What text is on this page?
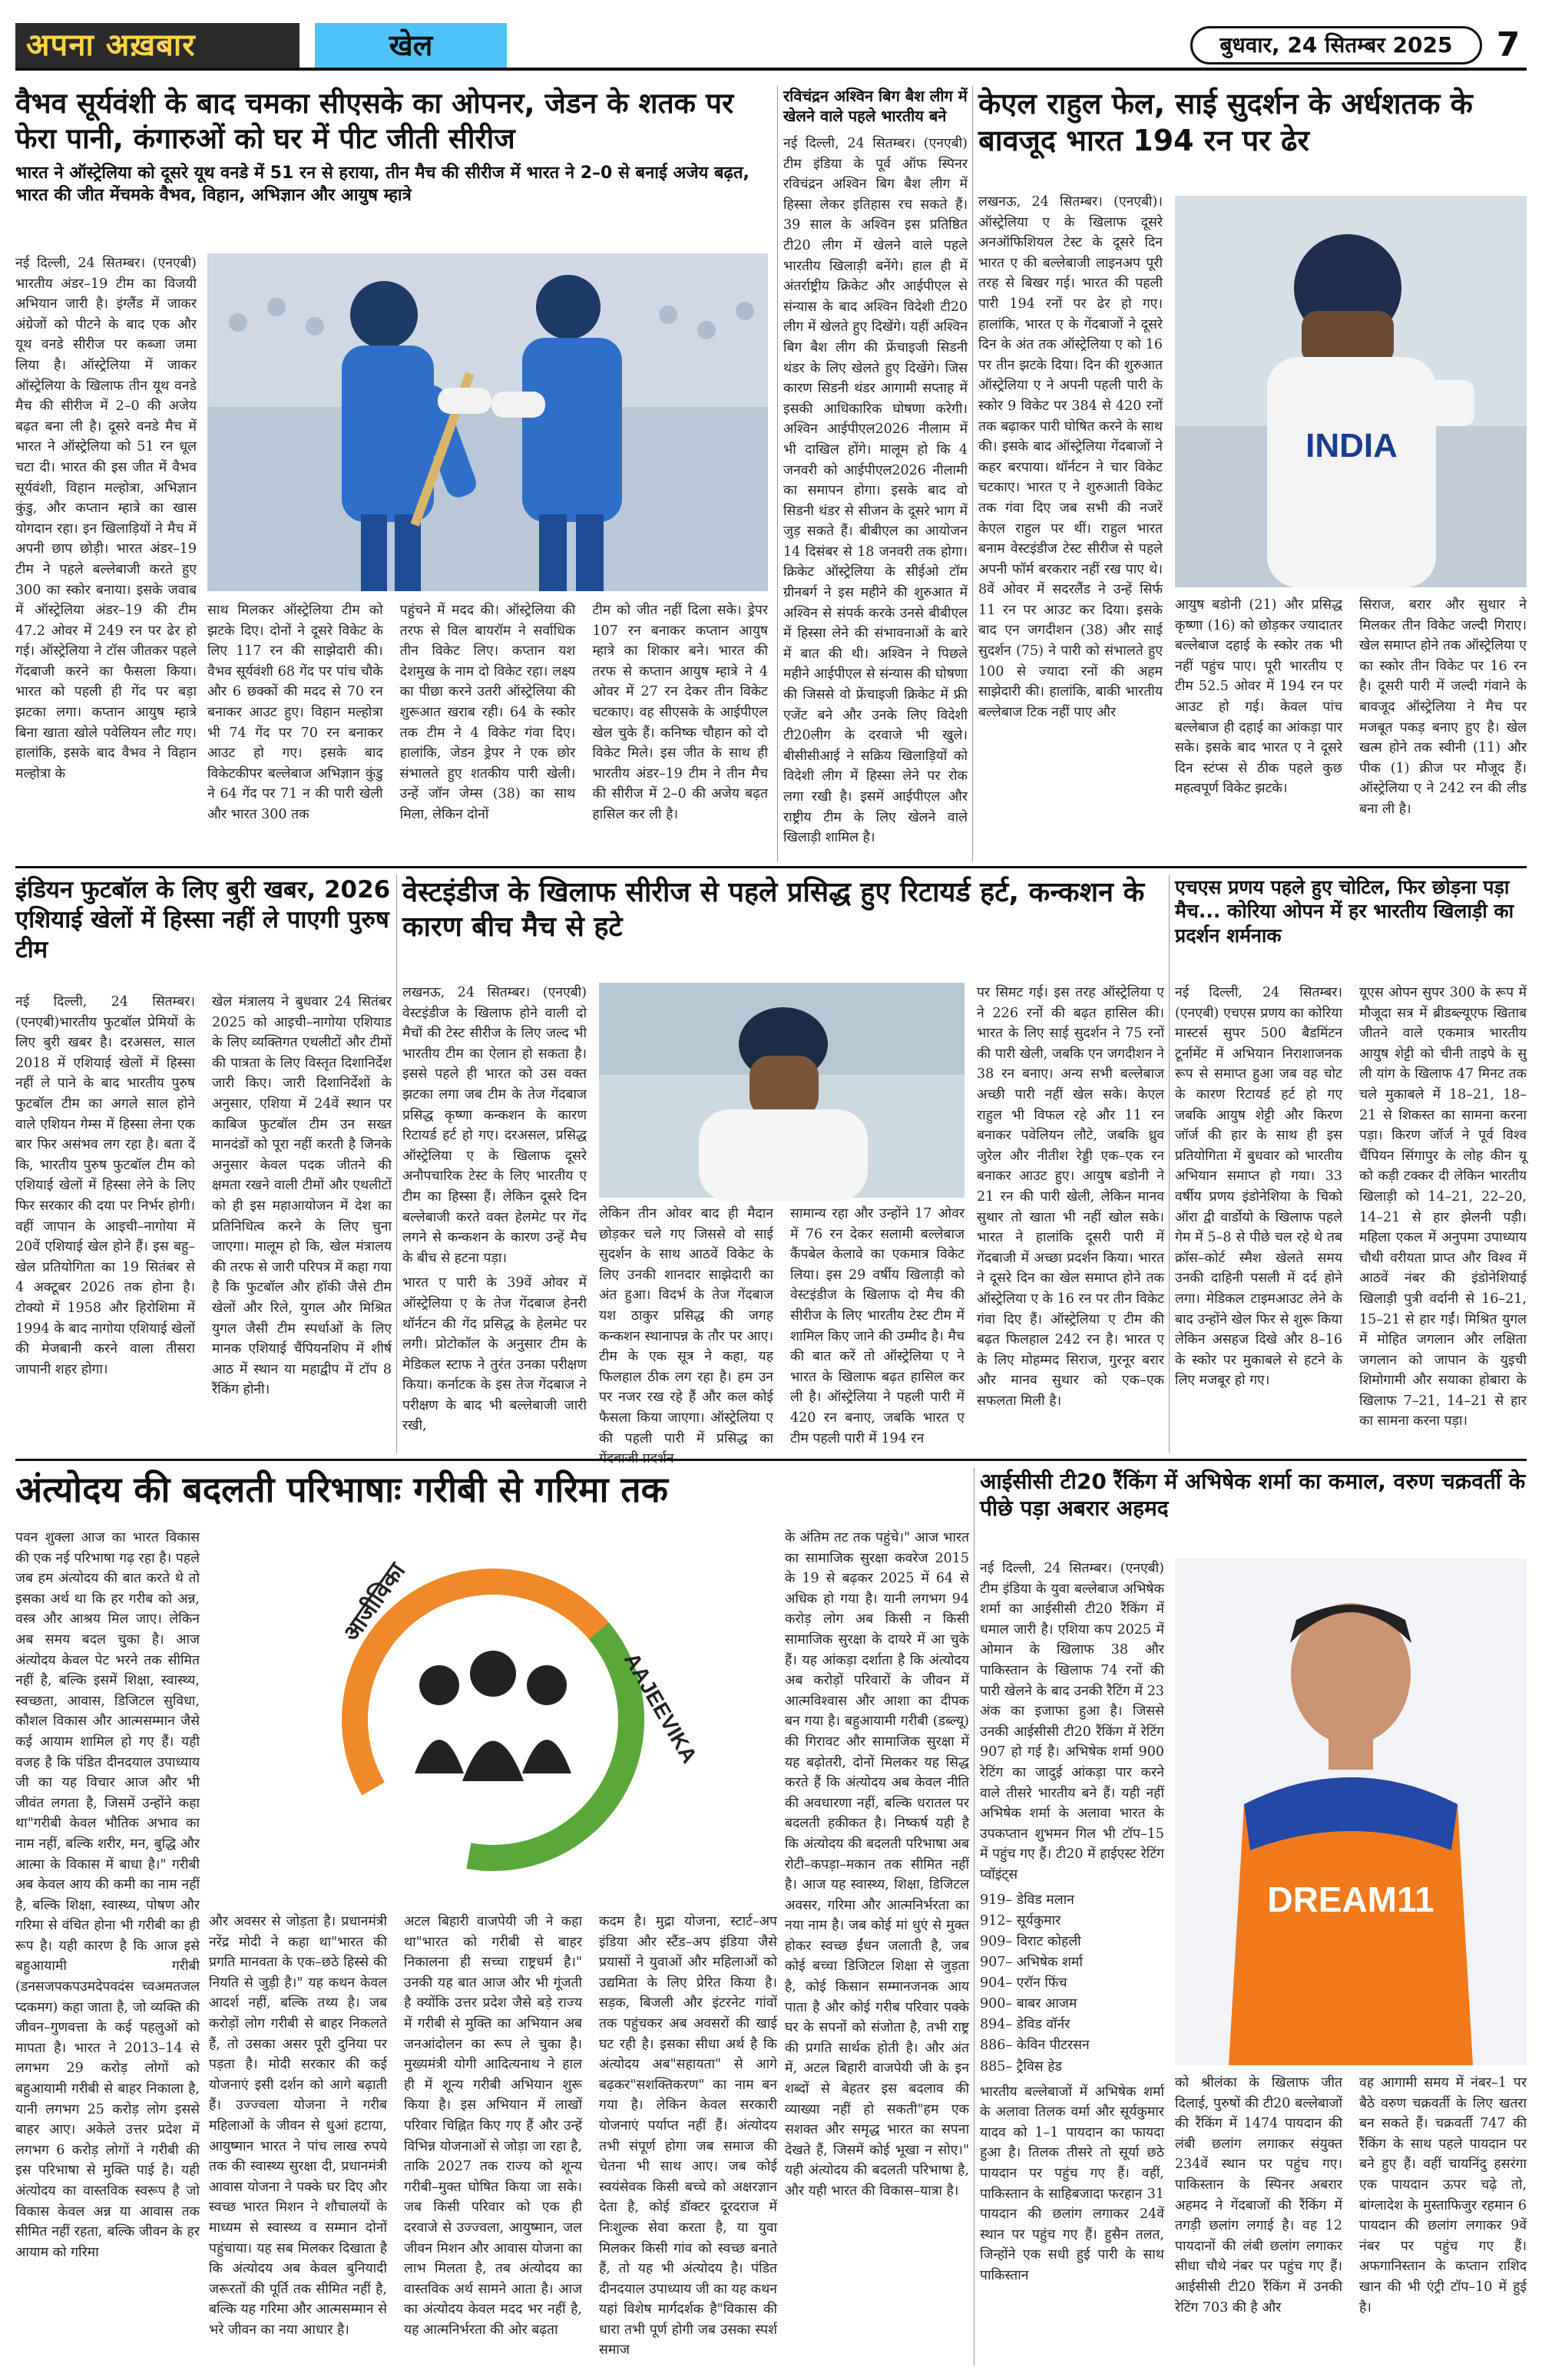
अपना अख़बार	खेल	बुधवार, 24 सितम्बर 2025	7
वैभव सूर्यवंशी के बाद चमका सीएसके का ओपनर, जेडन के शतक पर फेरा पानी, कंगारुओं को घर में पीट जीती सीरीज
भारत ने ऑस्ट्रेलिया को दूसरे यूथ वनडे में 51 रन से हराया, तीन मैच की सीरीज में भारत ने 2–0 से बनाई अजेय बढ़त, भारत की जीत मेंचमके वैभव, विहान, अभिज्ञान और आयुष म्हात्रे
नई दिल्ली, 24 सितम्बर। (एनएबी) भारतीय अंडर–19 टीम का विजयी अभियान जारी है। इंग्लैंड में जाकर अंग्रेजों को पीटने के बाद एक और यूथ वनडे सीरीज पर कब्जा जमा लिया है। ऑस्ट्रेलिया में जाकर ऑस्ट्रेलिया के खिलाफ तीन यूथ वनडे मैच की सीरीज में 2–0 की अजेय बढ़त बना ली है। दूसरे वनडे मैच में भारत ने ऑस्ट्रेलिया को 51 रन धूल चटा दी। भारत की इस जीत में वैभव सूर्यवंशी, विहान मल्होत्रा, अभिज्ञान कुंडु, और कप्तान म्हात्रे का खास योगदान रहा। इन खिलाड़ियों ने मैच में अपनी छाप छोड़ी। भारत अंडर–19 टीम ने पहले बल्लेबाजी करते हुए 300 का स्कोर बनाया। इसके जवाब में ऑस्ट्रेलिया अंडर–19 की टीम 47.2 ओवर में 249 रन पर ढेर हो गई। ऑस्ट्रेलिया ने टॉस जीतकर पहले गेंदबाजी करने का फैसला किया। भारत को पहली ही गेंद पर बड़ा झटका लगा। कप्तान आयुष म्हात्रे बिना खाता खोले पवेलियन लौट गए। हालांकि, इसके बाद वैभव ने विहान मल्होत्रा के
साथ मिलकर ऑस्ट्रेलिया टीम को झटके दिए। दोनों ने दूसरे विकेट के लिए 117 रन की साझेदारी की। वैभव सूर्यवंशी 68 गेंद पर पांच चौके और 6 छक्कों की मदद से 70 रन बनाकर आउट हुए। विहान मल्होत्रा भी 74 गेंद पर 70 रन बनाकर आउट हो गए। इसके बाद विकेटकीपर बल्लेबाज अभिज्ञान कुंडु ने 64 गेंद पर 71 न की पारी खेली और भारत 300 तक
पहुंचने में मदद की। ऑस्ट्रेलिया की तरफ से विल बायरॉम ने सर्वाधिक तीन विकेट लिए। कप्तान यश देशमुख के नाम दो विकेट रहा। लक्ष्य का पीछा करने उतरी ऑस्ट्रेलिया की शुरूआत खराब रही। 64 के स्कोर तक टीम ने 4 विकेट गंवा दिए। हालांकि, जेडन ड्रेपर ने एक छोर संभालते हुए शतकीय पारी खेली। उन्हें जॉन जेम्स (38) का साथ मिला, लेकिन दोनों
टीम को जीत नहीं दिला सके। ड्रेपर 107 रन बनाकर कप्तान आयुष म्हात्रे का शिकार बने। भारत की तरफ से कप्तान आयुष म्हात्रे ने 4 ओवर में 27 रन देकर तीन विकेट चटकाए। वह सीएसके के आईपीएल खेल चुके हैं। कनिष्क चौहान को दो विकेट मिले। इस जीत के साथ ही भारतीय अंडर–19 टीम ने तीन मैच की सीरीज में 2–0 की अजेय बढ़त हासिल कर ली है।
रविचंद्रन अश्विन बिग बैश लीग में खेलने वाले पहले भारतीय बने
नई दिल्ली, 24 सितम्बर। (एनएबी) टीम इंडिया के पूर्व ऑफ स्पिनर रविचंद्रन अश्विन बिग बैश लीग में हिस्सा लेकर इतिहास रच सकते हैं। 39 साल के अश्विन इस प्रतिष्ठित टी20 लीग में खेलने वाले पहले भारतीय खिलाड़ी बनेंगे। हाल ही में अंतर्राष्ट्रीय क्रिकेट और आईपीएल से संन्यास के बाद अश्विन विदेशी टी20 लीग में खेलते हुए दिखेंगे। यहीं अश्विन बिग बैश लीग की फ्रेंचाइजी सिडनी थंडर के लिए खेलते हुए दिखेंगे। जिस कारण सिडनी थंडर आगामी सप्ताह में इसकी आधिकारिक घोषणा करेगी। अश्विन आईपीएल2026 नीलाम में भी दाखिल होंगे। मालूम हो कि 4 जनवरी को आईपीएल2026 नीलामी का समापन होगा। इसके बाद वो सिडनी थंडर से सीजन के दूसरे भाग में जुड़ सकते हैं। बीबीएल का आयोजन 14 दिसंबर से 18 जनवरी तक होगा। क्रिकेट ऑस्ट्रेलिया के सीईओ टॉम ग्रीनबर्ग ने इस महीने की शुरुआत में अश्विन से संपर्क करके उनसे बीबीएल में हिस्सा लेने की संभावनाओं के बारे में बात की थी। अश्विन ने पिछले महीने आईपीएल से संन्यास की घोषणा की जिससे वो फ्रेंचाइजी क्रिकेट में फ्री एजेंट बने और उनके लिए विदेशी टी20लीग के दरवाजे भी खुले। बीसीसीआई ने सक्रिय खिलाड़ियों को विदेशी लीग में हिस्सा लेने पर रोक लगा रखी है। इसमें आईपीएल और राष्ट्रीय टीम के लिए खेलने वाले खिलाड़ी शामिल है।
केएल राहुल फेल, साई सुदर्शन के अर्धशतक के बावजूद भारत 194 रन पर ढेर
लखनऊ, 24 सितम्बर। (एनएबी)। ऑस्ट्रेलिया ए के खिलाफ दूसरे अनऑफिशियल टेस्ट के दूसरे दिन भारत ए की बल्लेबाजी लाइनअप पूरी तरह से बिखर गई। भारत की पहली पारी 194 रनों पर ढेर हो गए। हालांकि, भारत ए के गेंदबाजों ने दूसरे दिन के अंत तक ऑस्ट्रेलिया ए को 16 पर तीन झटके दिया। दिन की शुरुआत ऑस्ट्रेलिया ए ने अपनी पहली पारी के स्कोर 9 विकेट पर 384 से 420 रनों तक बढ़ाकर पारी घोषित करने के साथ की। इसके बाद ऑस्ट्रेलिया गेंदबाजों ने कहर बरपाया। थॉर्नटन ने चार विकेट चटकाए। भारत ए ने शुरुआती विकेट तक गंवा दिए जब सभी की नजरें केएल राहुल पर थीं। राहुल भारत बनाम वेस्टइंडीज टेस्ट सीरीज से पहले अपनी फॉर्म बरकरार नहीं रख पाए थे। 8वें ओवर में सदरलैंड ने उन्हें सिर्फ 11 रन पर आउट कर दिया। इसके बाद एन जगदीशन (38) और साई सुदर्शन (75) ने पारी को संभालते हुए 100 से ज्यादा रनों की अहम साझेदारी की। हालांकि, बाकी भारतीय बल्लेबाज टिक नहीं पाए और
INDIA
आयुष बडोनी (21) और प्रसिद्ध कृष्णा (16) को छोड़कर ज्यादातर बल्लेबाज दहाई के स्कोर तक भी नहीं पहुंच पाए। पूरी भारतीय ए टीम 52.5 ओवर में 194 रन पर आउट हो गई। केवल पांच बल्लेबाज ही दहाई का आंकड़ा पार सके। इसके बाद भारत ए ने दूसरे दिन स्टंप्स से ठीक पहले कुछ महत्वपूर्ण विकेट झटके।
सिराज, बरार और सुथार ने मिलकर तीन विकेट जल्दी गिराए। खेल समाप्त होने तक ऑस्ट्रेलिया ए का स्कोर तीन विकेट पर 16 रन है। दूसरी पारी में जल्दी गंवाने के बावजूद ऑस्ट्रेलिया ने मैच पर मजबूत पकड़ बनाए हुए है। खेल खत्म होने तक स्वीनी (11) और पीक (1) क्रीज पर मौजूद हैं। ऑस्ट्रेलिया ए ने 242 रन की लीड बना ली है।
इंडियन फुटबॉल के लिए बुरी खबर, 2026 एशियाई खेलों में हिस्सा नहीं ले पाएगी पुरुष टीम
नई दिल्ली, 24 सितम्बर। (एनएबी)भारतीय फुटबॉल प्रेमियों के लिए बुरी खबर है। दरअसल, साल 2018 में एशियाई खेलों में हिस्सा नहीं ले पाने के बाद भारतीय पुरुष फुटबॉल टीम का अगले साल होने वाले एशियन गेम्स में हिस्सा लेना एक बार फिर असंभव लग रहा है। बता दें कि, भारतीय पुरुष फुटबॉल टीम को एशियाई खेलों में हिस्सा लेने के लिए फिर सरकार की दया पर निर्भर होगी। वहीं जापान के आइची–नागोया में 20वें एशियाई खेल होने हैं। इस बहु–खेल प्रतियोगिता का 19 सितंबर से 4 अक्टूबर 2026 तक होना है। टोक्यो में 1958 और हिरोशिमा में 1994 के बाद नागोया एशियाई खेलों की मेजबानी करने वाला तीसरा जापानी शहर होगा।
खेल मंत्रालय ने बुधवार 24 सितंबर 2025 को आइची–नागोया एशियाड के लिए व्यक्तिगत एथलीटों और टीमों की पात्रता के लिए विस्तृत दिशानिर्देश जारी किए। जारी दिशानिर्देशों के अनुसार, एशिया में 24वें स्थान पर काबिज फुटबॉल टीम उन सख्त मानदंडों को पूरा नहीं करती है जिनके अनुसार केवल पदक जीतने की क्षमता रखने वाली टीमों और एथलीटों को ही इस महाआयोजन में देश का प्रतिनिधित्व करने के लिए चुना जाएगा। मालूम हो कि, खेल मंत्रालय की तरफ से जारी परिपत्र में कहा गया है कि फुटबॉल और हॉकी जैसे टीम खेलों और रिले, युगल और मिश्रित युगल जैसी टीम स्पर्धाओं के लिए मानक एशियाई चैंपियनशिप में शीर्ष आठ में स्थान या महाद्वीप में टॉप 8 रैंकिंग होनी।
वेस्टइंडीज के खिलाफ सीरीज से पहले प्रसिद्ध हुए रिटायर्ड हर्ट, कन्कशन के कारण बीच मैच से हटे
लखनऊ, 24 सितम्बर। (एनएबी) वेस्टइंडीज के खिलाफ होने वाली दो मैचों की टेस्ट सीरीज के लिए जल्द भी भारतीय टीम का ऐलान हो सकता है। इससे पहले ही भारत को उस वक्त झटका लगा जब टीम के तेज गेंदबाज प्रसिद्ध कृष्णा कन्कशन के कारण रिटायर्ड हर्ट हो गए। दरअसल, प्रसिद्ध ऑस्ट्रेलिया ए के खिलाफ दूसरे अनौपचारिक टेस्ट के लिए भारतीय ए टीम का हिस्सा हैं। लेकिन दूसरे दिन बल्लेबाजी करते वक्त हेलमेट पर गेंद लगने से कन्कशन के कारण उन्हें मैच के बीच से हटना पड़ा।
भारत ए पारी के 39वें ओवर में ऑस्ट्रेलिया ए के तेज गेंदबाज हेनरी थॉर्नटन की गेंद प्रसिद्ध के हेलमेट पर लगी। प्रोटोकॉल के अनुसार टीम के मेडिकल स्टाफ ने तुरंत उनका परीक्षण किया। कर्नाटक के इस तेज गेंदबाज ने परीक्षण के बाद भी बल्लेबाजी जारी रखी,
लेकिन तीन ओवर बाद ही मैदान छोड़कर चले गए जिससे वो साई सुदर्शन के साथ आठवें विकेट के लिए उनकी शानदार साझेदारी का अंत हुआ। विदर्भ के तेज गेंदबाज यश ठाकुर प्रसिद्ध की जगह कन्कशन स्थानापन्न के तौर पर आए। टीम के एक सूत्र ने कहा, यह फिलहाल ठीक लग रहा है। हम उन पर नजर रख रहे हैं और कल कोई फैसला किया जाएगा। ऑस्ट्रेलिया ए की पहली पारी में प्रसिद्ध का
सामान्य रहा और उन्होंने 17 ओवर में 76 रन देकर सलामी बल्लेबाज कैंपबेल केलावे का एकमात्र विकेट लिया। इस 29 वर्षीय खिलाड़ी को वेस्टइंडीज के खिलाफ दो मैच की सीरीज के लिए भारतीय टेस्ट टीम में शामिल किए जाने की उम्मीद है। मैच की बात करें तो ऑस्ट्रेलिया ए ने भारत के खिलाफ बढ़त हासिल कर ली है। ऑस्ट्रेलिया ने पहली पारी में 420 रन बनाए, जबकि भारत ए टीम पहली पारी में 194 रन
पर सिमट गई। इस तरह ऑस्ट्रेलिया ए ने 226 रनों की बढ़त हासिल की। भारत के लिए साई सुदर्शन ने 75 रनों की पारी खेली, जबकि एन जगदीशन ने 38 रन बनाए। अन्य सभी बल्लेबाज अच्छी पारी नहीं खेल सके। केएल राहुल भी विफल रहे और 11 रन बनाकर पवेलियन लौटे, जबकि ध्रुव जुरेल और नीतीश रेड्डी एक–एक रन बनाकर आउट हुए। आयुष बडोनी ने 21 रन की पारी खेली, लेकिन मानव सुथार तो खाता भी नहीं खोल सके। भारत ने हालांकि दूसरी पारी में गेंदबाजी में अच्छा प्रदर्शन किया। भारत ने दूसरे दिन का खेल समाप्त होने तक ऑस्ट्रेलिया ए के 16 रन पर तीन विकेट गंवा दिए हैं। ऑस्ट्रेलिया ए टीम की बढ़त फिलहाल 242 रन है। भारत ए के लिए मोहम्मद सिराज, गुरनूर बरार और मानव सुथार को एक–एक सफलता मिली है।
एचएस प्रणय पहले हुए चोटिल, फिर छोड़ना पड़ा मैच... कोरिया ओपन में हर भारतीय खिलाड़ी का प्रदर्शन शर्मनाक
नई दिल्ली, 24 सितम्बर। (एनएबी) एचएस प्रणय का कोरिया मास्टर्स सुपर 500 बैडमिंटन टूर्नामेंट में अभियान निराशाजनक रूप से समाप्त हुआ जब वह चोट के कारण रिटायर्ड हर्ट हो गए जबकि आयुष शेट्टी और किरण जॉर्ज की हार के साथ ही इस प्रतियोगिता में बुधवार को भारतीय अभियान समाप्त हो गया। 33 वर्षीय प्रणय इंडोनेशिया के चिको ऑरा द्वी वार्डोयो के खिलाफ पहले गेम में 5–8 से पीछे चल रहे थे तब क्रॉस–कोर्ट स्मैश खेलते समय उनकी दाहिनी पसली में दर्द होने लगा। मेडिकल टाइमआउट लेने के बाद उन्होंने खेल फिर से शुरू किया लेकिन असहज दिखे और 8–16 के स्कोर पर मुकाबले से हटने के लिए मजबूर हो गए।
यूएस ओपन सुपर 300 के रूप में मौजूदा सत्र में ब्रीडब्ल्यूएफ खिताब जीतने वाले एकमात्र भारतीय आयुष शेट्टी को चीनी ताइपे के सु ली यांग के खिलाफ 47 मिनट तक चले मुकाबले में 18–21, 18–21 से शिकस्त का सामना करना पड़ा। किरण जॉर्ज ने पूर्व विश्व चैंपियन सिंगापुर के लोह कीन यू को कड़ी टक्कर दी लेकिन भारतीय खिलाड़ी को 14–21, 22–20, 14–21 से हार झेलनी पड़ी। महिला एकल में अनुपमा उपाध्याय चौथी वरीयता प्राप्त और विश्व में आठवें नंबर की इंडोनेशियाई खिलाड़ी पुत्री वर्दानी से 16–21, 15–21 से हार गईं। मिश्रित युगल में मोहित जगलान और लक्षिता जगलान को जापान के युइची शिमोगामी और सयाका होबारा के खिलाफ 7–21, 14–21 से हार का सामना करना पड़ा।
अंत्योदय की बदलती परिभाषाः गरीबी से गरिमा तक
पवन शुक्ला आज का भारत विकास की एक नई परिभाषा गढ़ रहा है। पहले जब हम अंत्योदय की बात करते थे तो इसका अर्थ था कि हर गरीब को अन्न, वस्त्र और आश्रय मिल जाए। लेकिन अब समय बदल चुका है। आज अंत्योदय केवल पेट भरने तक सीमित नहीं है, बल्कि इसमें शिक्षा, स्वास्थ्य, स्वच्छता, आवास, डिजिटल सुविधा, कौशल विकास और आत्मसम्मान जैसे कई आयाम शामिल हो गए हैं। यही वजह है कि पंडित दीनदयाल उपाध्याय जी का यह विचार आज और भी जीवंत लगता है, जिसमें उन्होंने कहा था"गरीबी केवल भौतिक अभाव का नाम नहीं, बल्कि शरीर, मन, बुद्धि और आत्मा के विकास में बाधा है।" गरीबी अब केवल आय की कमी का नाम नहीं है, बल्कि शिक्षा, स्वास्थ्य, पोषण और गरिमा से वंचित होना भी गरीबी का ही रूप है। यही कारण है कि आज इसे बहुआयामी गरीबी (डनसजपकपउमदेपवदंस च्वअमतजल प्दकमग) कहा जाता है, जो व्यक्ति की जीवन–गुणवत्ता के कई पहलुओं को मापता है। भारत ने 2013–14 से लगभग 29 करोड़ लोगों को बहुआयामी गरीबी से बाहर निकाला है, यानी लगभग 25 करोड़ लोग इससे बाहर आए। अकेले उत्तर प्रदेश में लगभग 6 करोड़ लोगों ने गरीबी की इस परिभाषा से मुक्ति पाई है। यही अंत्योदय का वास्तविक स्वरूप है जो विकास केवल अन्न या आवास तक सीमित नहीं रहता, बल्कि जीवन के हर आयाम को गरिमा
आजीविका
AAJEEVIKA
और अवसर से जोड़ता है। प्रधानमंत्री नरेंद्र मोदी ने कहा था"भारत की प्रगति मानवता के एक–छठे हिस्से की नियति से जुड़ी है।" यह कथन केवल आदर्श नहीं, बल्कि तथ्य है। जब करोड़ों लोग गरीबी से बाहर निकलते हैं, तो उसका असर पूरी दुनिया पर पड़ता है। मोदी सरकार की कई योजनाएं इसी दर्शन को आगे बढ़ाती हैं। उज्ज्वला योजना ने गरीब महिलाओं के जीवन से धुआं हटाया, आयुष्मान भारत ने पांच लाख रुपये तक की स्वास्थ्य सुरक्षा दी, प्रधानमंत्री आवास योजना ने पक्के घर दिए और स्वच्छ भारत मिशन ने शौचालयों के माध्यम से स्वास्थ्य व सम्मान दोनों पहुंचाया। यह सब मिलकर दिखाता है कि अंत्योदय अब केवल बुनियादी जरूरतों की पूर्ति तक सीमित नहीं है, बल्कि यह गरिमा और आत्मसम्मान से भरे जीवन का नया आधार है।
अटल बिहारी वाजपेयी जी ने कहा था"भारत को गरीबी से बाहर निकालना ही सच्चा राष्ट्रधर्म है।" उनकी यह बात आज और भी गूंजती है क्योंकि उत्तर प्रदेश जैसे बड़े राज्य में गरीबी से मुक्ति का अभियान अब जनआंदोलन का रूप ले चुका है। मुख्यमंत्री योगी आदित्यनाथ ने हाल ही में शून्य गरीबी अभियान शुरू किया है। इस अभियान में लाखों परिवार चिह्नित किए गए हैं और उन्हें विभिन्न योजनाओं से जोड़ा जा रहा है, ताकि 2027 तक राज्य को शून्य गरीबी–मुक्त घोषित किया जा सके। जब किसी परिवार को एक ही दरवाजे से उज्ज्वला, आयुष्मान, जल जीवन मिशन और आवास योजना का लाभ मिलता है, तब अंत्योदय का वास्तविक अर्थ सामने आता है। आज का अंत्योदय केवल मदद भर नहीं है, यह आत्मनिर्भरता की ओर बढ़ता
कदम है। मुद्रा योजना, स्टार्ट–अप इंडिया और स्टैंड–अप इंडिया जैसे प्रयासों ने युवाओं और महिलाओं को उद्यमिता के लिए प्रेरित किया है। सड़क, बिजली और इंटरनेट गांवों तक पहुंचकर अब अवसरों की खाई घट रही है। इसका सीधा अर्थ है कि अंत्योदय अब"सहायता" से आगे बढ़कर"सशक्तिकरण" का नाम बन गया है। लेकिन केवल सरकारी योजनाएं पर्याप्त नहीं हैं। अंत्योदय तभी संपूर्ण होगा जब समाज की चेतना भी साथ आए। जब कोई स्वयंसेवक किसी बच्चे को अक्षरज्ञान देता है, कोई डॉक्टर दूरदराज में निःशुल्क सेवा करता है, या युवा मिलकर किसी गांव को स्वच्छ बनाते हैं, तो यह भी अंत्योदय है। पंडित दीनदयाल उपाध्याय जी का यह कथन यहां विशेष मार्गदर्शक है"विकास की धारा तभी पूर्ण होगी जब उसका स्पर्श समाज
के अंतिम तट तक पहुंचे।" आज भारत का सामाजिक सुरक्षा कवरेज 2015 के 19 से बढ़कर 2025 में 64 से अधिक हो गया है। यानी लगभग 94 करोड़ लोग अब किसी न किसी सामाजिक सुरक्षा के दायरे में आ चुके हैं। यह आंकड़ा दर्शाता है कि अंत्योदय अब करोड़ों परिवारों के जीवन में आत्मविश्वास और आशा का दीपक बन गया है। बहुआयामी गरीबी (डब्ल्यू) की गिरावट और सामाजिक सुरक्षा में यह बढ़ोतरी, दोनों मिलकर यह सिद्ध करते हैं कि अंत्योदय अब केवल नीति की अवधारणा नहीं, बल्कि धरातल पर बदलती हकीकत है। निष्कर्ष यही है कि अंत्योदय की बदलती परिभाषा अब रोटी–कपड़ा–मकान तक सीमित नहीं है। आज यह स्वास्थ्य, शिक्षा, डिजिटल अवसर, गरिमा और आत्मनिर्भरता का नया नाम है। जब कोई मां धुएं से मुक्त होकर स्वच्छ ईंधन जलाती है, जब कोई बच्चा डिजिटल शिक्षा से जुड़ता है, कोई किसान सम्मानजनक आय पाता है और कोई गरीब परिवार पक्के घर के सपनों को संजोता है, तभी राष्ट्र की प्रगति सार्थक होती है। और अंत में, अटल बिहारी वाजपेयी जी के इन शब्दों से बेहतर इस बदलाव की व्याख्या नहीं हो सकती"हम एक सशक्त और समृद्ध भारत का सपना देखते हैं, जिसमें कोई भूखा न सोए।" यही अंत्योदय की बदलती परिभाषा है, और यही भारत की विकास–यात्रा है।
आईसीसी टी20 रैंकिंग में अभिषेक शर्मा का कमाल, वरुण चक्रवर्ती के पीछे पड़ा अबरार अहमद
नई दिल्ली, 24 सितम्बर। (एनएबी) टीम इंडिया के युवा बल्लेबाज अभिषेक शर्मा का आईसीसी टी20 रैंकिंग में धमाल जारी है। एशिया कप 2025 में ओमान के खिलाफ 38 और पाकिस्तान के खिलाफ 74 रनों की पारी खेलने के बाद उनकी रैटिंग में 23 अंक का इजाफा हुआ है। जिससे उनकी आईसीसी टी20 रैंकिंग में रेटिंग 907 हो गई है। अभिषेक शर्मा 900 रेटिंग का जादुई आंकड़ा पार करने वाले तीसरे भारतीय बने हैं। यही नहीं अभिषेक शर्मा के अलावा भारत के उपकप्तान शुभमन गिल भी टॉप–15 में पहुंच गए हैं। टी20 में हाईएस्ट रेटिंग प्वॉइंट्स
919– डेविड मलान
912– सूर्यकुमार
909– विराट कोहली
907– अभिषेक शर्मा
904– एरॉन फिंच
900– बाबर आजम
894– डेविड वॉर्नर
886– केविन पीटरसन
885– ट्रैविस हेड
भारतीय बल्लेबाजों में अभिषेक शर्मा के अलावा तिलक वर्मा और सूर्यकुमार यादव को 1–1 पायदान का फायदा हुआ है। तिलक तीसरे तो सूर्या छठे पायदान पर पहुंच गए हैं। वहीं, पाकिस्तान के साहिबजादा फरहान 31 पायदान की छलांग लगाकर 24वें स्थान पर पहुंच गए हैं। हुसैन तलत, जिन्होंने एक सधी हुई पारी के साथ पाकिस्तान
DREAM11
को श्रीलंका के खिलाफ जीत दिलाई, पुरुषों की टी20 बल्लेबाजों की रैंकिंग में 1474 पायदान की लंबी छलांग लगाकर संयुक्त 234वें स्थान पर पहुंच गए। पाकिस्तान के स्पिनर अबरार अहमद ने गेंदबाजों की रैंकिंग में तगड़ी छलांग लगाई है। वह 12 पायदानों की लंबी छलांग लगाकर सीधा चौथे नंबर पर पहुंच गए हैं। आईसीसी टी20 रैंकिंग में उनकी रेटिंग 703 की है और
वह आगामी समय में नंबर–1 पर बैठे वरुण चक्रवर्ती के लिए खतरा बन सकते हैं। चक्रवर्ती 747 की रैंकिंग के साथ पहले पायदान पर बने हुए हैं। वहीं चायनिंदु हसरंगा एक पायदान ऊपर चढ़े तो, बांग्लादेश के मुस्ताफिजुर रहमान 6 पायदान की छलांग लगाकर 9वें नंबर पर पहुंच गए हैं। अफगानिस्तान के कप्तान राशिद खान की भी एंट्री टॉप–10 में हुई है।
